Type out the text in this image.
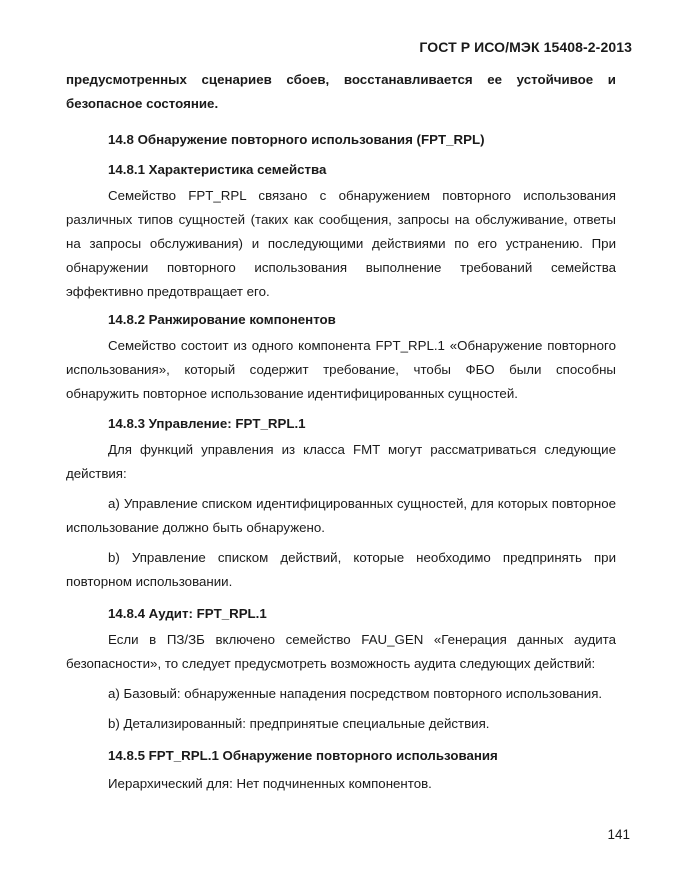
ГОСТ Р ИСО/МЭК 15408-2-2013

предусмотренных сценариев сбоев, восстанавливается ее устойчивое и безопасное состояние.

14.8 Обнаружение повторного использования (FPT_RPL)

14.8.1 Характеристика семейства

Семейство FPT_RPL связано с обнаружением повторного использования различных типов сущностей (таких как сообщения, запросы на обслуживание, ответы на запросы обслуживания) и последующими действиями по его устранению. При обнаружении повторного использования выполнение требований семейства эффективно предотвращает его.

14.8.2 Ранжирование компонентов

Семейство состоит из одного компонента FPT_RPL.1 «Обнаружение повторного использования», который содержит требование, чтобы ФБО были способны обнаружить повторное использование идентифицированных сущностей.

14.8.3 Управление: FPT_RPL.1

Для функций управления из класса FMT могут рассматриваться следующие действия:

a) Управление списком идентифицированных сущностей, для которых повторное использование должно быть обнаружено.

b) Управление списком действий, которые необходимо предпринять при повторном использовании.

14.8.4 Аудит: FPT_RPL.1

Если в ПЗ/ЗБ включено семейство FAU_GEN «Генерация данных аудита безопасности», то следует предусмотреть возможность аудита следующих действий:

a) Базовый: обнаруженные нападения посредством повторного использования.

b) Детализированный: предпринятые специальные действия.

14.8.5 FPT_RPL.1 Обнаружение повторного использования

Иерархический для: Нет подчиненных компонентов.

141
